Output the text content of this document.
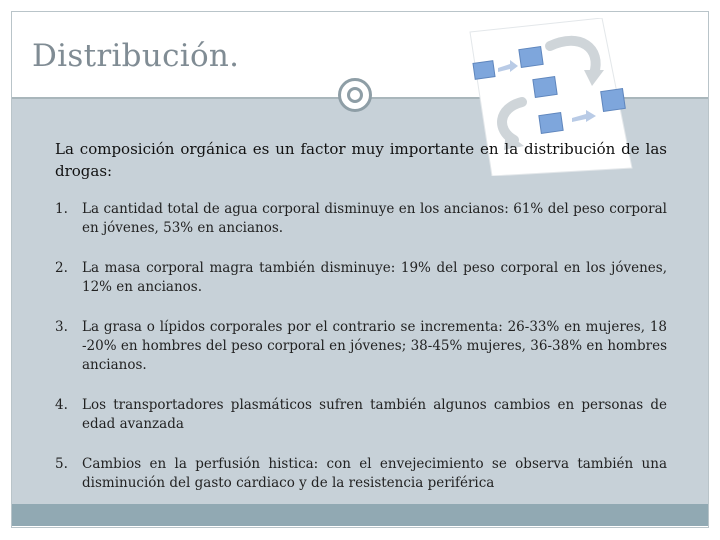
Distribución.
La composición orgánica es un factor muy importante en la distribución de las drogas:
1. La cantidad total de agua corporal disminuye en los ancianos: 61% del peso corporal en jóvenes, 53% en ancianos.
2. La masa corporal magra también disminuye: 19% del peso corporal en los jóvenes, 12% en ancianos.
3. La grasa o lípidos corporales por el contrario se incrementa: 26-33% en mujeres, 18 -20% en hombres del peso corporal en jóvenes; 38-45% mujeres, 36-38% en hombres ancianos.
4. Los transportadores plasmáticos sufren también algunos cambios en personas de edad avanzada
5. Cambios en la perfusión histica: con el envejecimiento se observa también una disminución del gasto cardiaco y de la resistencia periférica
